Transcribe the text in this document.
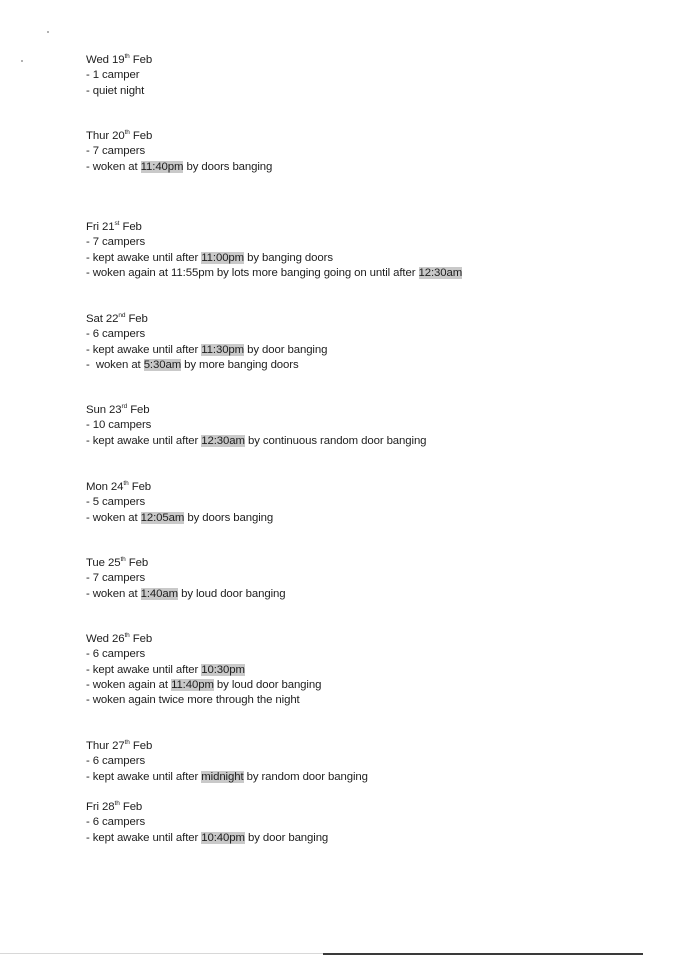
Wed 19th Feb
- 1 camper
- quiet night
Thur 20th Feb
- 7 campers
- woken at 11:40pm by doors banging
Fri 21st Feb
- 7 campers
- kept awake until after 11:00pm by banging doors
- woken again at 11:55pm by lots more banging going on until after 12:30am
Sat 22nd Feb
- 6 campers
- kept awake until after 11:30pm by door banging
-  woken at 5:30am by more banging doors
Sun 23rd Feb
- 10 campers
- kept awake until after 12:30am by continuous random door banging
Mon 24th Feb
- 5 campers
- woken at 12:05am by doors banging
Tue 25th Feb
- 7 campers
- woken at 1:40am by loud door banging
Wed 26th Feb
- 6 campers
- kept awake until after 10:30pm
- woken again at 11:40pm by loud door banging
- woken again twice more through the night
Thur 27th Feb
- 6 campers
- kept awake until after midnight by random door banging
Fri 28th Feb
- 6 campers
- kept awake until after 10:40pm by door banging
